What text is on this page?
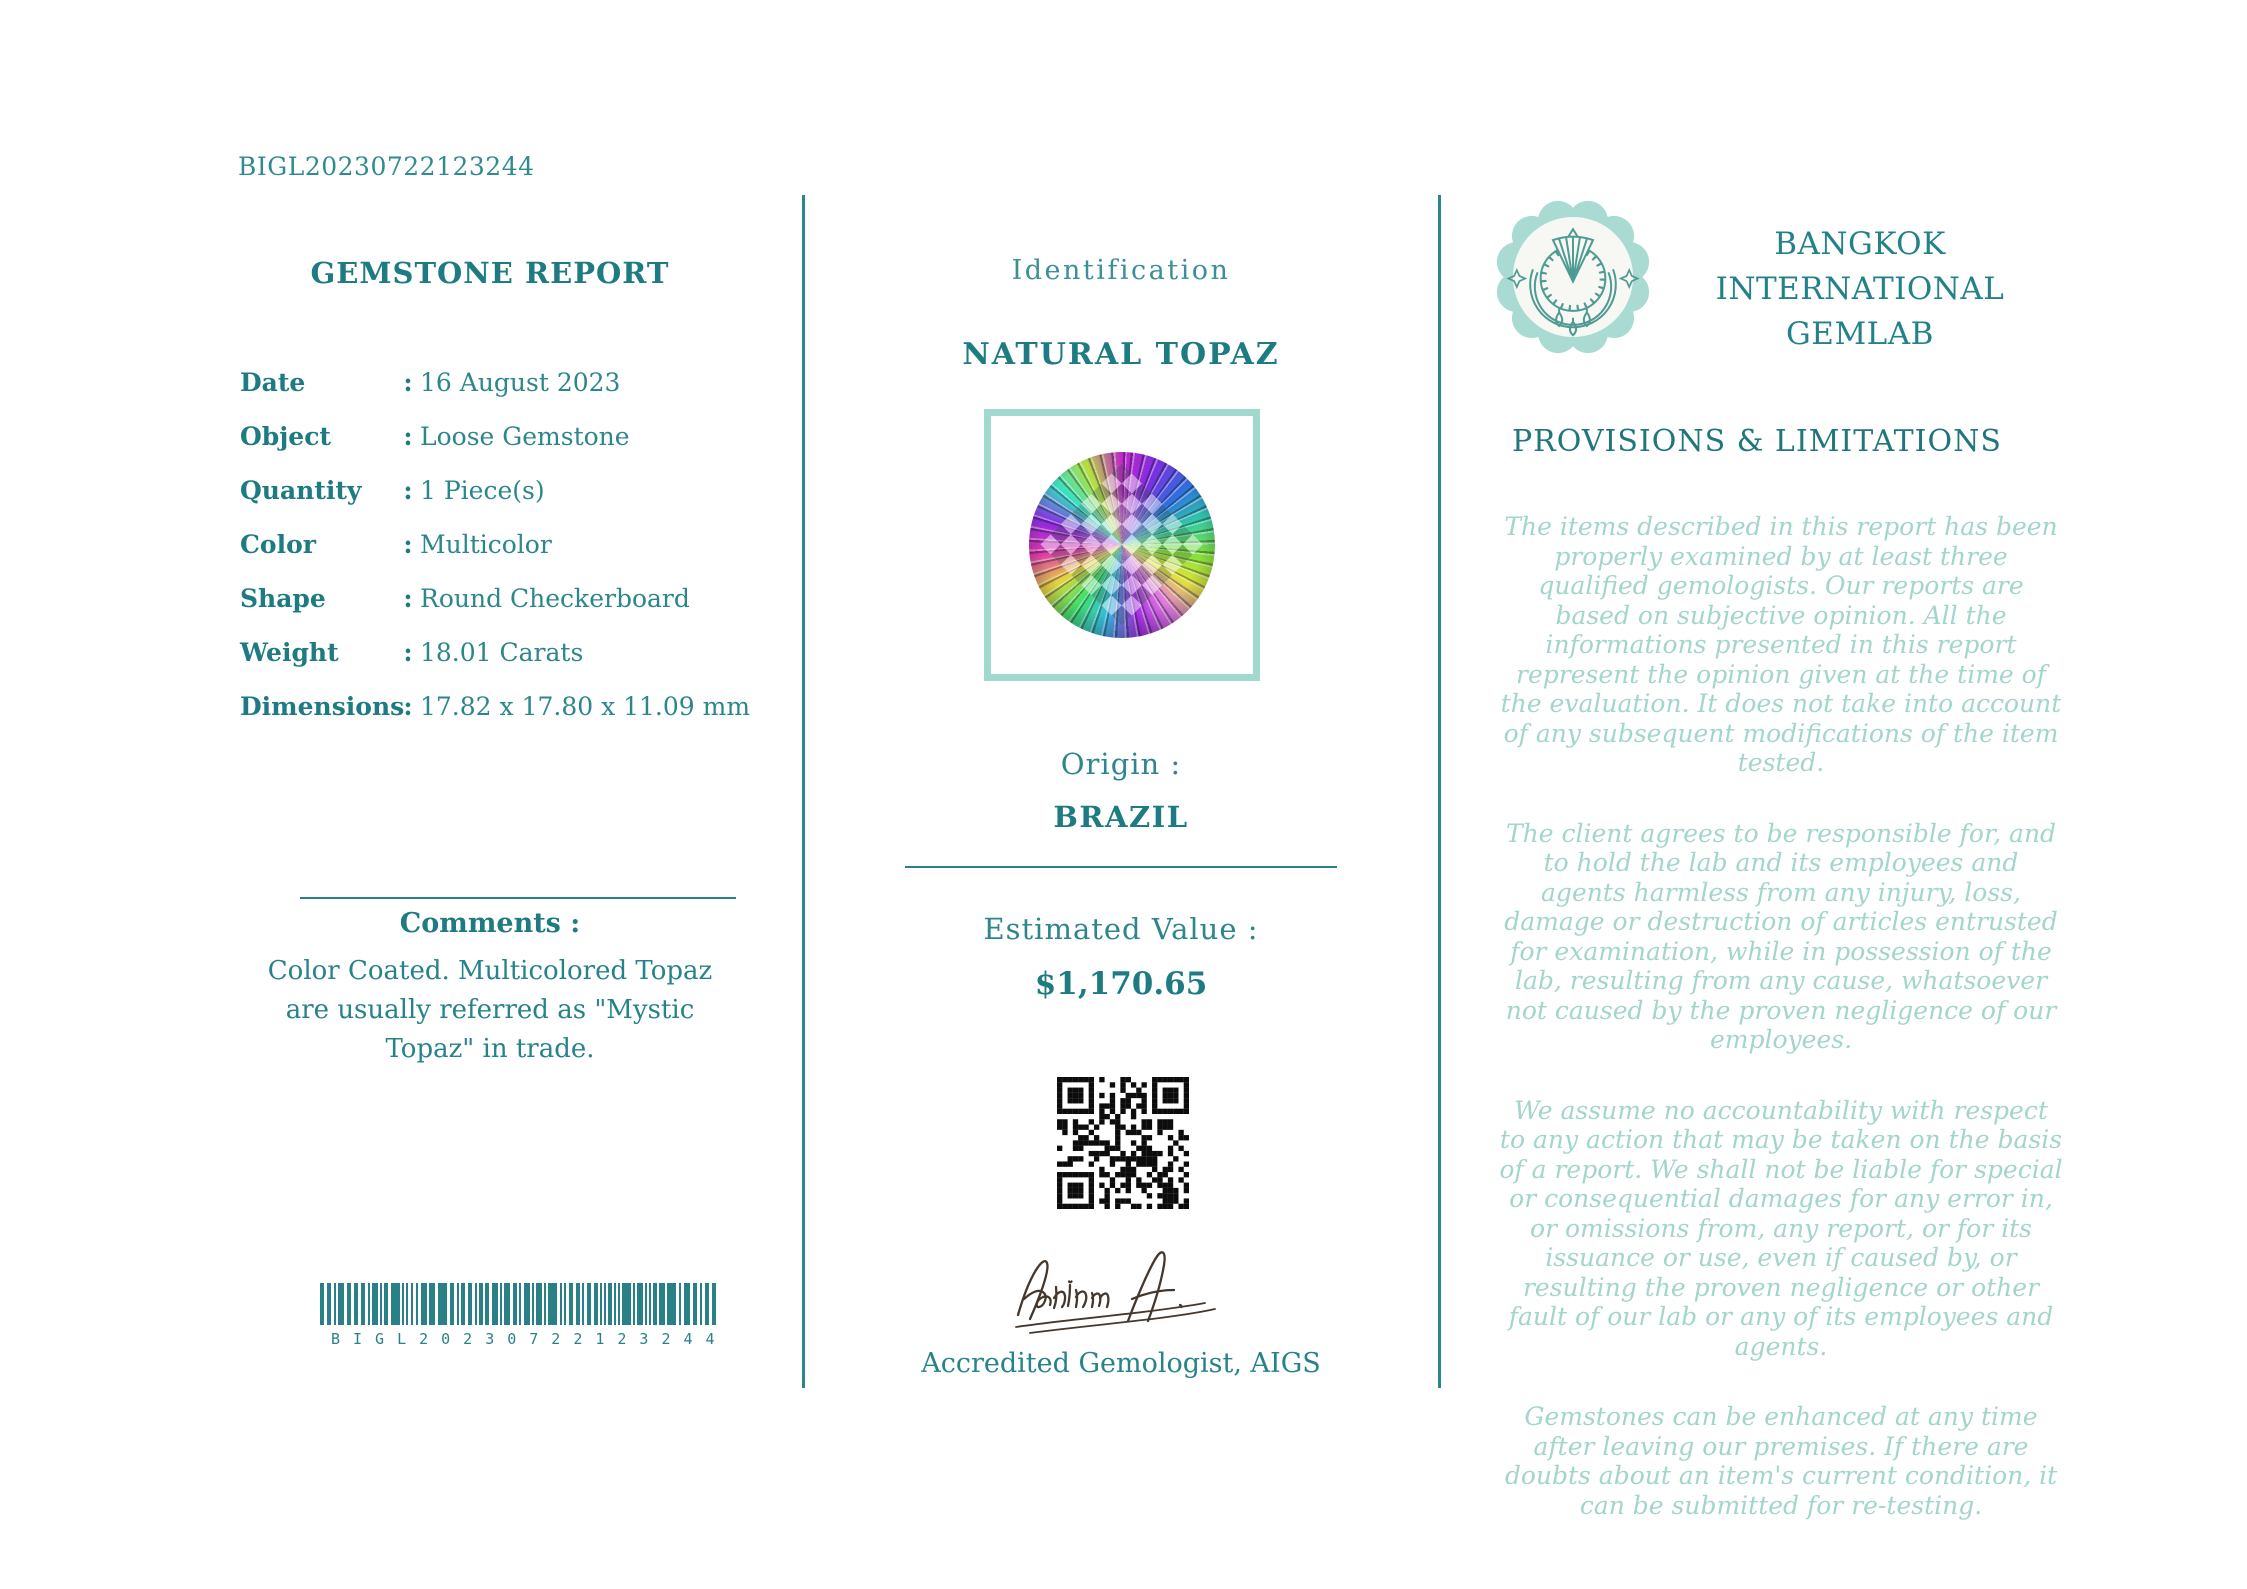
BIGL20230722123244
GEMSTONE REPORT
Date	: 16 August 2023
Object	: Loose Gemstone
Quantity	: 1 Piece(s)
Color	: Multicolor
Shape	: Round Checkerboard
Weight	: 18.01 Carats
Dimensions : 17.82 x 17.80 x 11.09 mm
Comments :
Color Coated. Multicolored Topaz are usually referred as "Mystic Topaz" in trade.
BIGL20230722123244
Identification
NATURAL TOPAZ
Origin :
BRAZIL
Estimated Value :
$1,170.65
Accredited Gemologist, AIGS
BANGKOK
INTERNATIONAL
GEMLAB
PROVISIONS & LIMITATIONS

The items described in this report has been properly examined by at least three qualified gemologists. Our reports are based on subjective opinion. All the informations presented in this report represent the opinion given at the time of the evaluation. It does not take into account of any subsequent modifications of the item tested.

The client agrees to be responsible for, and to hold the lab and its employees and agents harmless from any injury, loss, damage or destruction of articles entrusted for examination, while in possession of the lab, resulting from any cause, whatsoever not caused by the proven negligence of our employees.

We assume no accountability with respect to any action that may be taken on the basis of a report. We shall not be liable for special or consequential damages for any error in, or omissions from, any report, or for its issuance or use, even if caused by, or resulting the proven negligence or other fault of our lab or any of its employees and agents.

Gemstones can be enhanced at any time after leaving our premises. If there are doubts about an item's current condition, it can be submitted for re-testing.
